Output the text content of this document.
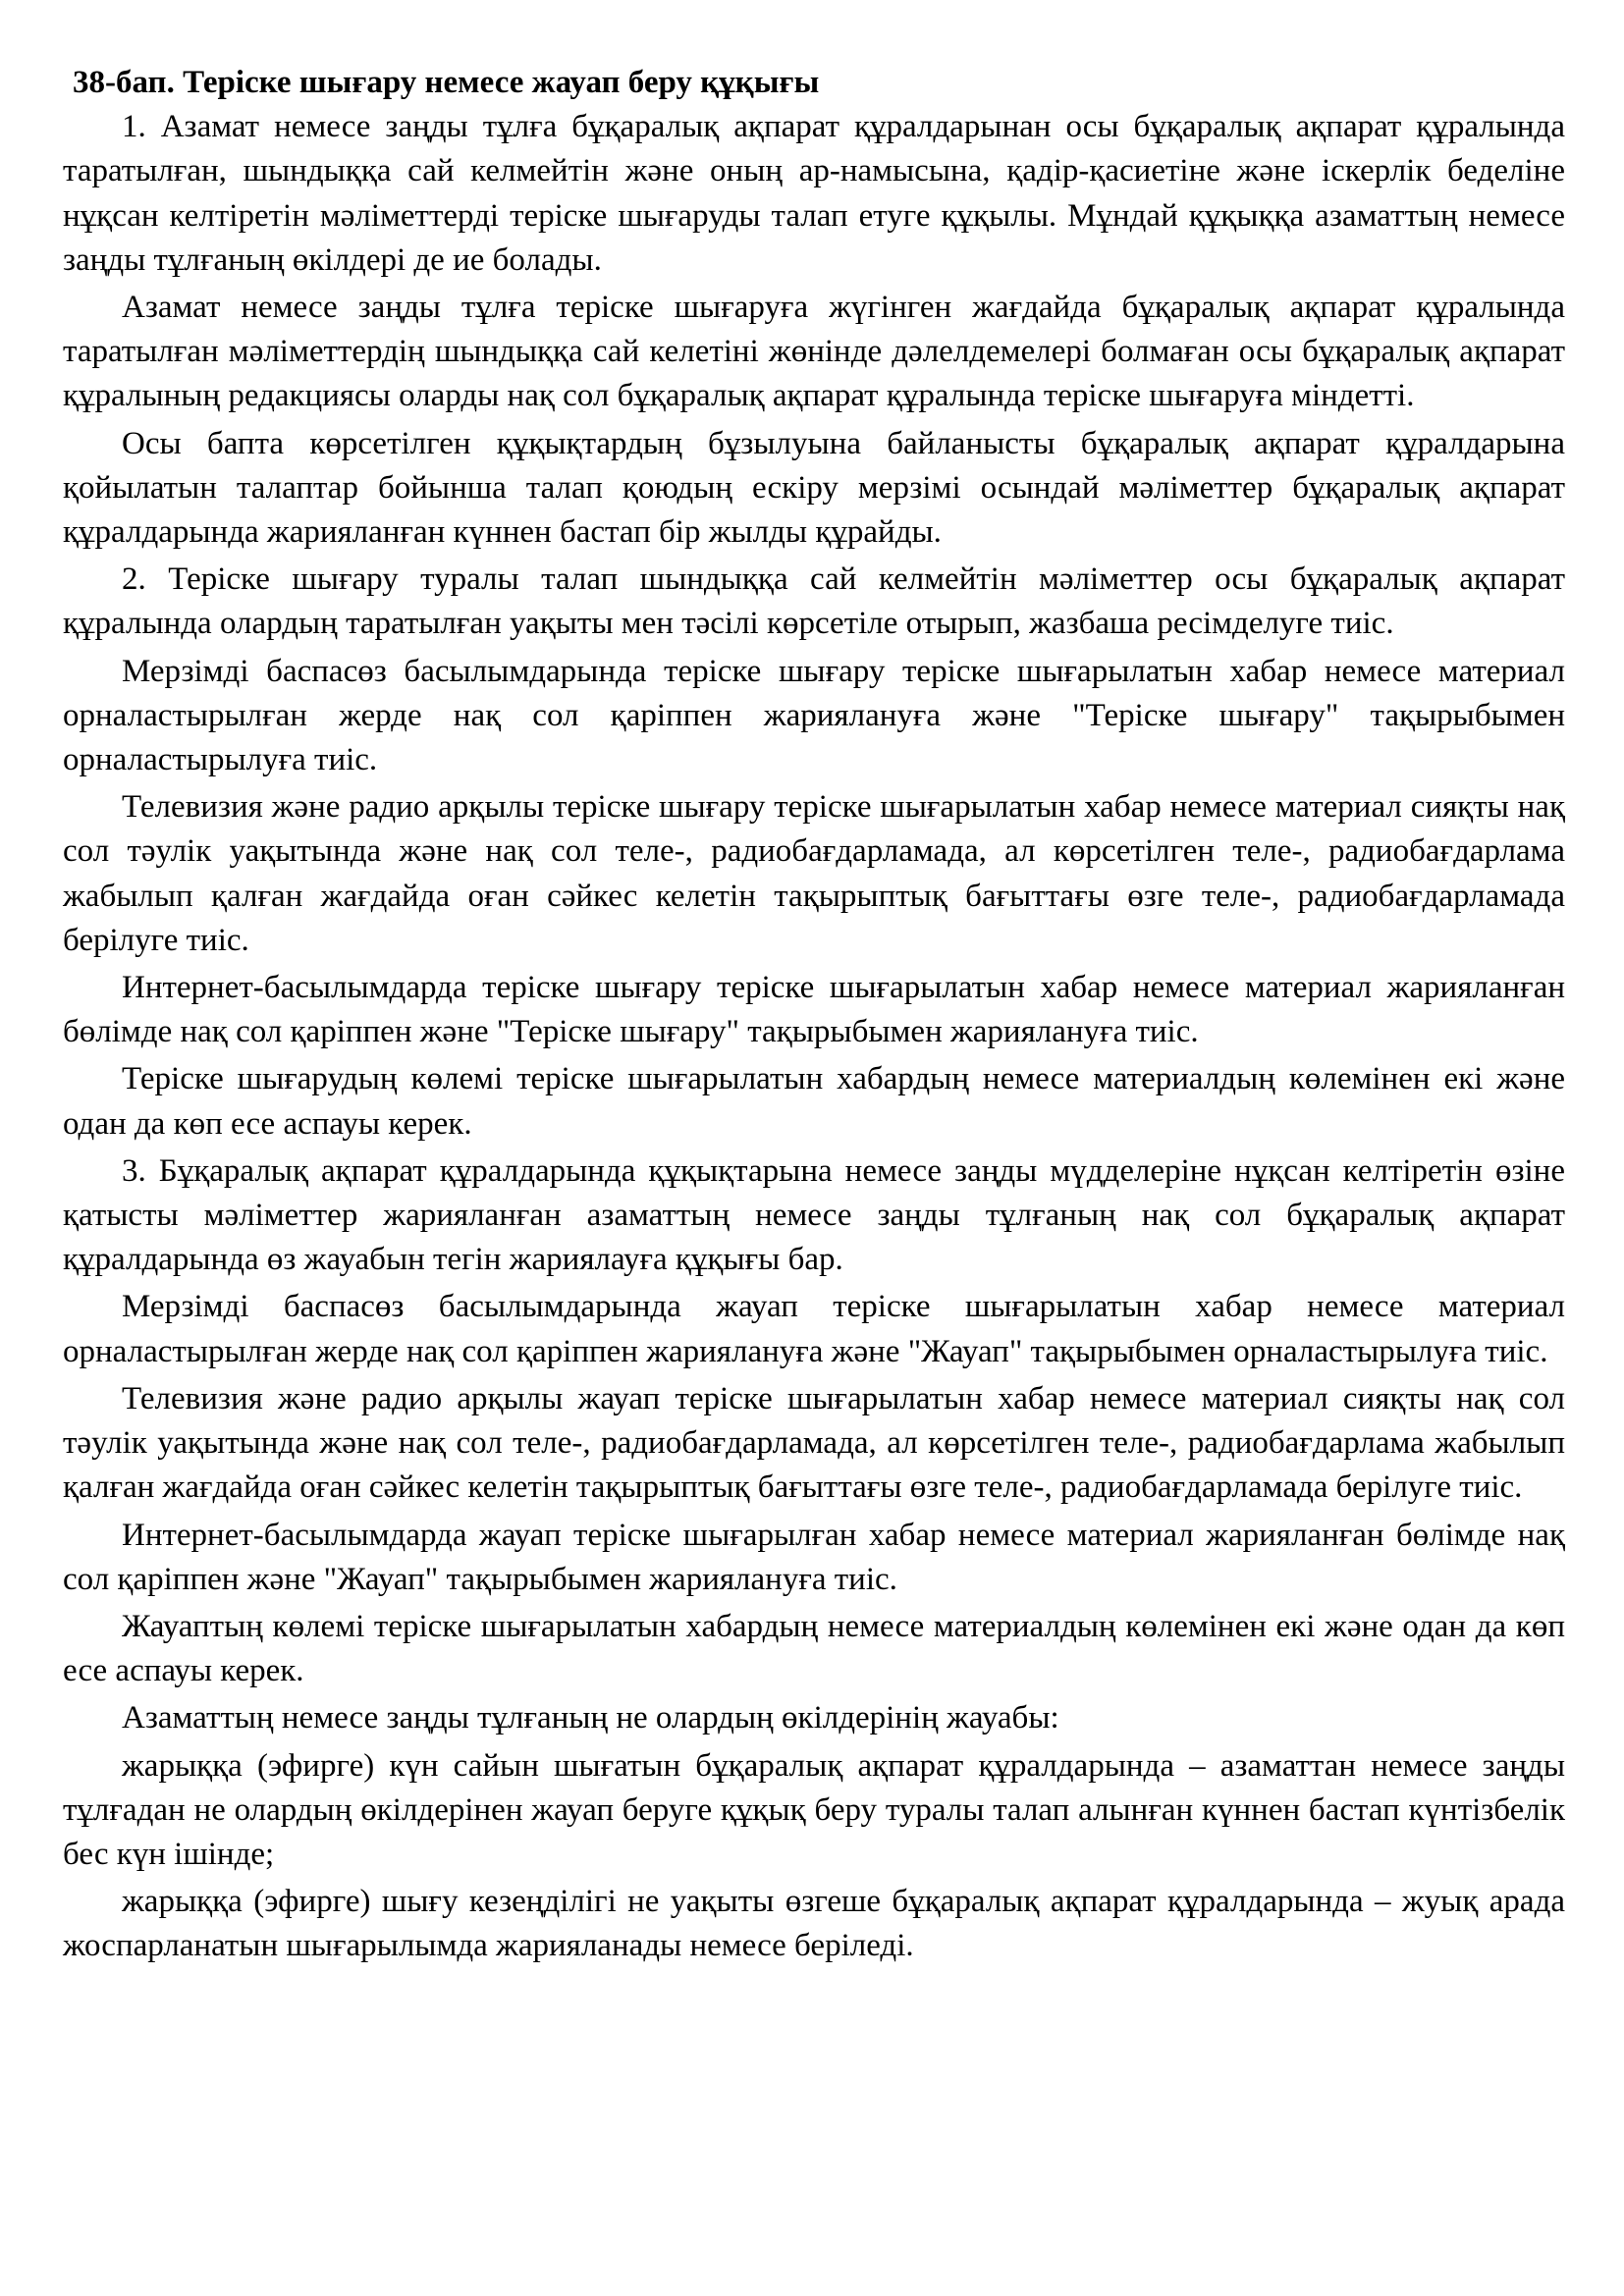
38-бап. Теріске шығару немесе жауап беру құқығы

1. Азамат немесе заңды тұлға бұқаралық ақпарат құралдарынан осы бұқаралық ақпарат құралында таратылған, шындыққа сай келмейтін және оның ар-намысына, қадір-қасиетіне және іскерлік беделіне нұқсан келтіретін мәліметтерді теріске шығаруды талап етуге құқылы. Мұндай құқыққа азаматтың немесе заңды тұлғаның өкілдері де ие болады.

Азамат немесе заңды тұлға теріске шығаруға жүгінген жағдайда бұқаралық ақпарат құралында таратылған мәліметтердің шындыққа сай келетіні жөнінде дәлелдемелері болмаған осы бұқаралық ақпарат құралының редакциясы оларды нақ сол бұқаралық ақпарат құралында теріске шығаруға міндетті.

Осы бапта көрсетілген құқықтардың бұзылуына байланысты бұқаралық ақпарат құралдарына қойылатын талаптар бойынша талап қоюдың ескіру мерзімі осындай мәліметтер бұқаралық ақпарат құралдарында жарияланған күннен бастап бір жылды құрайды.

2. Теріске шығару туралы талап шындыққа сай келмейтін мәліметтер осы бұқаралық ақпарат құралында олардың таратылған уақыты мен тәсілі көрсетіле отырып, жазбаша ресімделуге тиіс.

Мерзімді баспасөз басылымдарында теріске шығару теріске шығарылатын хабар немесе материал орналастырылған жерде нақ сол қаріппен жариялануға және "Теріске шығару" тақырыбымен орналастырылуға тиіс.

Телевизия және радио арқылы теріске шығару теріске шығарылатын хабар немесе материал сияқты нақ сол тәулік уақытында және нақ сол теле-, радиобағдарламада, ал көрсетілген теле-, радиобағдарлама жабылып қалған жағдайда оған сәйкес келетін тақырыптық бағыттағы өзге теле-, радиобағдарламада берілуге тиіс.

Интернет-басылымдарда теріске шығару теріске шығарылатын хабар немесе материал жарияланған бөлімде нақ сол қаріппен және "Теріске шығару" тақырыбымен жариялануға тиіс.

Теріске шығарудың көлемі теріске шығарылатын хабардың немесе материалдың көлемінен екі және одан да көп есе аспауы керек.

3. Бұқаралық ақпарат құралдарында құқықтарына немесе заңды мүдделеріне нұқсан келтіретін өзіне қатысты мәліметтер жарияланған азаматтың немесе заңды тұлғаның нақ сол бұқаралық ақпарат құралдарында өз жауабын тегін жариялауға құқығы бар.

Мерзімді баспасөз басылымдарында жауап теріске шығарылатын хабар немесе материал орналастырылған жерде нақ сол қаріппен жариялануға және "Жауап" тақырыбымен орналастырылуға тиіс.

Телевизия және радио арқылы жауап теріске шығарылатын хабар немесе материал сияқты нақ сол тәулік уақытында және нақ сол теле-, радиобағдарламада, ал көрсетілген теле-, радиобағдарлама жабылып қалған жағдайда оған сәйкес келетін тақырыптық бағыттағы өзге теле-, радиобағдарламада берілуге тиіс.

Интернет-басылымдарда жауап теріске шығарылған хабар немесе материал жарияланған бөлімде нақ сол қаріппен және "Жауап" тақырыбымен жариялануға тиіс.

Жауаптың көлемі теріске шығарылатын хабардың немесе материалдың көлемінен екі және одан да көп есе аспауы керек.

Азаматтың немесе заңды тұлғаның не олардың өкілдерінің жауабы:

жарыққа (эфирге) күн сайын шығатын бұқаралық ақпарат құралдарында – азаматтан немесе заңды тұлғадан не олардың өкілдерінен жауап беруге құқық беру туралы талап алынған күннен бастап күнтізбелік бес күн ішінде;

жарыққа (эфирге) шығу кезеңділігі не уақыты өзгеше бұқаралық ақпарат құралдарында – жуық арада жоспарланатын шығарылымда жарияланады немесе беріледі.
